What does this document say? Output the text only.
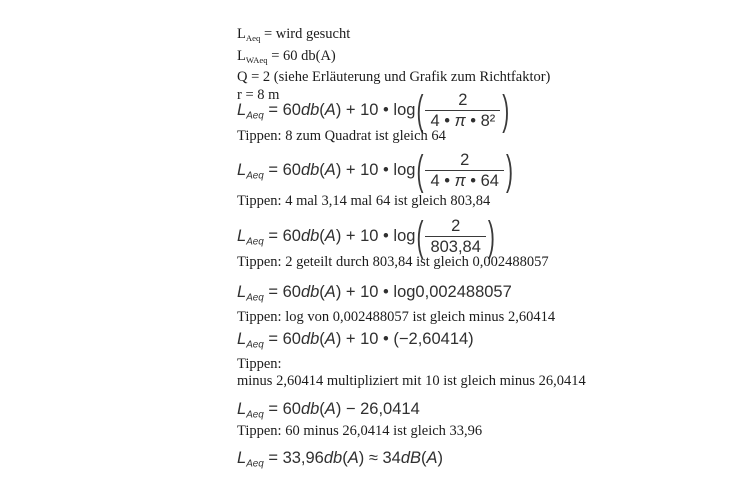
$L_{Aeq}$ = wird gesucht

$L_{WAeq} = 60$ db(A)

Q = 2 (siehe Erläuterung und Grafik zum Richtfaktor)

r = 8 m

$L_{Aeq} = 60db(A) + 10$ • log ( $\frac{2}{\text{4 • π • 8²}}$ )

Tippen: 8 zum Quadrat ist gleich 64

$L_{Aeq} = 60db(A) + 10$ • log ( $\frac{2}{4 • \pi • 64}$ )

Tippen: 4 mal 3,14 mal 64 ist gleich 803,84

$L_{Aeq} = 60db(A) + 10$ • log ( $\frac{2}{803,84}$ )

Tippen: 2 geteilt durch 803,84 ist gleich 0,002488057

$L_{Aeq} = 60db(A) + 10$ • log0,002488057

Tippen: log von 0,002488057 ist gleich minus 2,60414

$L_{Aeq} = 60db(A) + 10$ • (−2,60414)

Tippen:

minus 2,60414 multipliziert mit 10 ist gleich minus 26,0414

$L_{Aeq} = 60db(A) - 26,0414$

Tippen: 60 minus 26,0414 ist gleich 33,96

$L_{Aeq} = 33,96db(A) \approx 34dB(A)$
